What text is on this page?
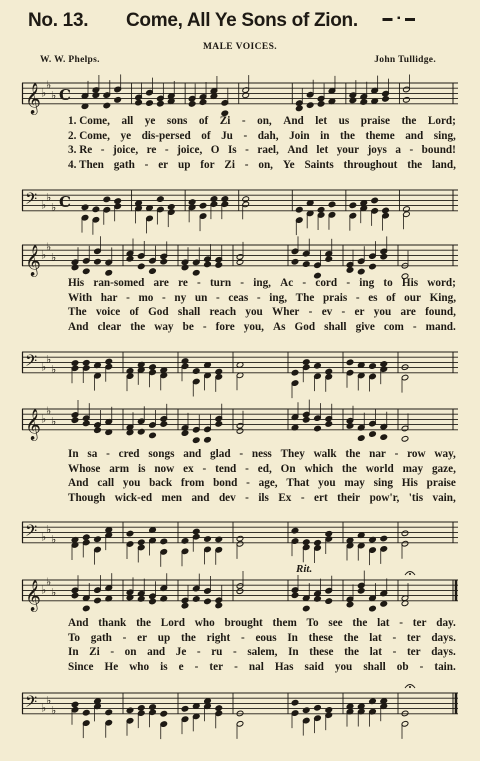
No. 13. Come, All Ye Sons of Zion. ▬ ▪ ▬
MALE VOICES.
W. W. Phelps.	John Tullidge.
𝄞 ♭
♭
♭ C
1. Come, all ye sons of Zi - on, And let us praise the Lord;
2. Come, ye dis-persed of Ju - dah, Join in the theme and sing,
3. Re - joice, re - joice, O Is - rael, And let your joys a - bound!
4. Then gath - er up for Zi - on, Ye Saints throughout the land,
𝄢 ♭
♭
♭ C
𝄞 ♭
♭
♭
His ran-somed are re - turn - ing, Ac - cord - ing to His word;
With har - mo - ny un - ceas - ing, The prais - es of our King,
The voice of God shall reach you Wher - ev - er you are found,
And clear the way be - fore you, As God shall give com - mand.
𝄢 ♭
♭
♭
𝄞 ♭
♭
♭
In sa - cred songs and glad - ness They walk the nar - row way,
Whose arm is now ex - tend - ed, On which the world may gaze,
And call you back from bond - age, That you may sing His praise
Though wick-ed men and dev - ils Ex - ert their pow'r, 'tis vain,
𝄢 ♭
♭
♭
Rit.
𝄞 ♭
♭
♭
And thank the Lord who brought them To see the lat - ter day.
To gath - er up the right - eous In these the lat - ter days.
In Zi - on and Je - ru - salem, In these the lat - ter days.
Since He who is e - ter - nal Has said you shall ob - tain.
𝄢 ♭
♭
♭
